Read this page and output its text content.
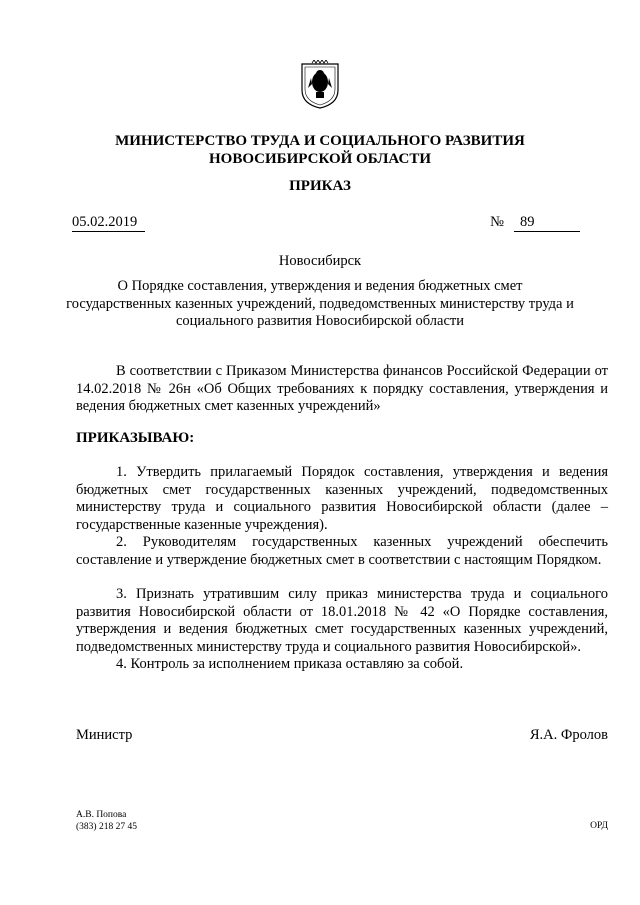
МИНИСТЕРСТВО ТРУДА И СОЦИАЛЬНОГО РАЗВИТИЯ
НОВОСИБИРСКОЙ ОБЛАСТИ
ПРИКАЗ
05.02.2019	№ 89
Новосибирск
О Порядке составления, утверждения и ведения бюджетных смет
государственных казенных учреждений, подведомственных министерству труда и
социального развития Новосибирской области

В соответствии с Приказом Министерства финансов Российской Федерации от 14.02.2018 № 26н «Об Общих требованиях к порядку составления, утверждения и ведения бюджетных смет казенных учреждений»

ПРИКАЗЫВАЮ:

1. Утвердить прилагаемый Порядок составления, утверждения и ведения бюджетных смет государственных казенных учреждений, подведомственных министерству труда и социального развития Новосибирской области (далее – государственные казенные учреждения).

2. Руководителям государственных казенных учреждений обеспечить составление и утверждение бюджетных смет в соответствии с настоящим Порядком.

3. Признать утратившим силу приказ министерства труда и социального развития Новосибирской области от 18.01.2018 № 42 «О Порядке составления, утверждения и ведения бюджетных смет государственных казенных учреждений, подведомственных министерству труда и социального развития Новосибирской».

4. Контроль за исполнением приказа оставляю за собой.

Министр	Я.А. Фролов
А.В. Попова
(383) 218 27 45	ОРД
